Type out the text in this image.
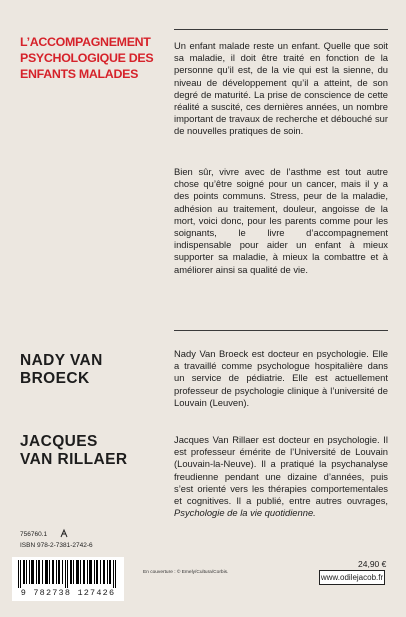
L’ACCOMPAGNEMENT
PSYCHOLOGIQUE DES
ENFANTS MALADES

Un enfant malade reste un enfant. Quelle que soit sa maladie, il doit être traité en fonction de la personne qu’il est, de la vie qui est la sienne, du niveau de développement qu’il a atteint, de son degré de maturité. La prise de conscience de cette réalité a suscité, ces dernières années, un nombre important de travaux de recherche et débouché sur de nouvelles pratiques de soin.

Bien sûr, vivre avec de l’asthme est tout autre chose qu’être soigné pour un cancer, mais il y a des points communs. Stress, peur de la maladie, adhésion au traitement, douleur, angoisse de la mort, voici donc, pour les parents comme pour les soignants, le livre d’accompagnement indispensable pour aider un enfant à mieux supporter sa maladie, à mieux la combattre et à améliorer ainsi sa qualité de vie.

NADY VAN
BROECK

Nady Van Broeck est docteur en psychologie. Elle a travaillé comme psychologue hospitalière dans un service de pédiatrie. Elle est actuellement professeur de psychologie clinique à l’université de Louvain (Leuven).

JACQUES
VAN RILLAER

Jacques Van Rillaer est docteur en psychologie. Il est professeur émérite de l’Université de Louvain (Louvain-la-Neuve). Il a pratiqué la psychanalyse freudienne pendant une dizaine d’années, puis s’est orienté vers les thérapies comportementales et cognitives. Il a publié, entre autres ouvrages, Psychologie de la vie quotidienne.

756760.1
ISBN 978-2-7381-2742-6
9 782738 127426
En couverture : © Emely/Cultura/Corbis.
24,90 €
www.odilejacob.fr
